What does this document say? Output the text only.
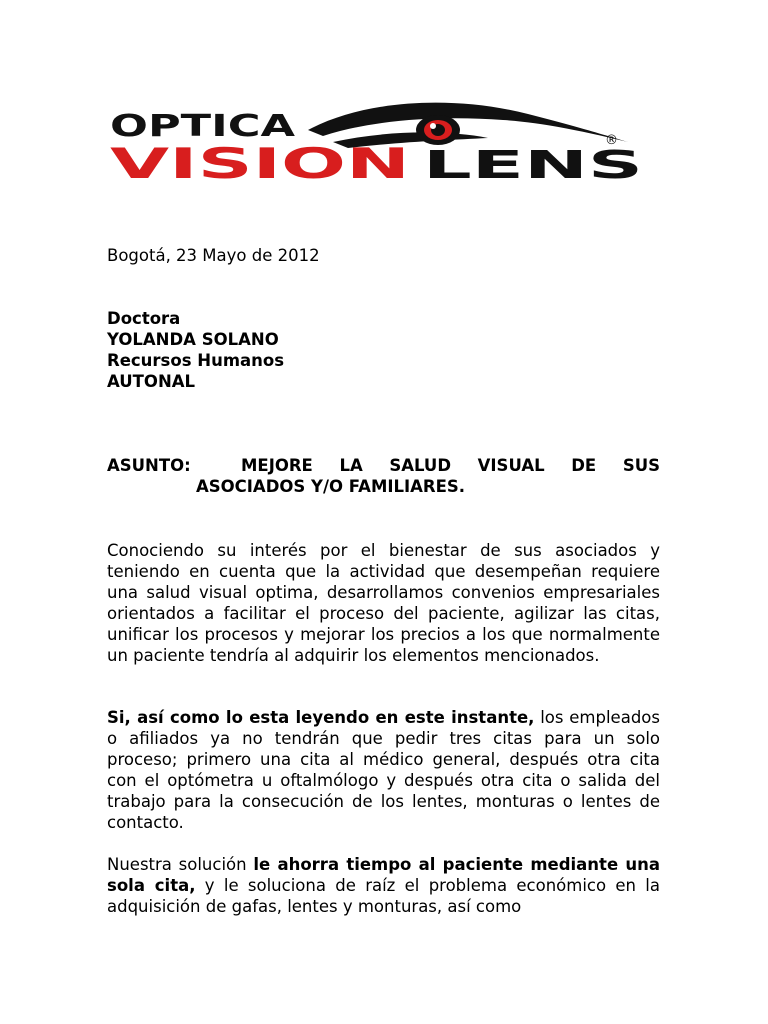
OPTICA
VISION LENS
®
Bogotá, 23 Mayo de 2012
Doctora
YOLANDA SOLANO
Recursos Humanos
AUTONAL
ASUNTO:	MEJORE LA SALUD VISUAL DE SUS
ASOCIADOS Y/O FAMILIARES.
Conociendo su interés por el bienestar de sus asociados y teniendo en cuenta que la actividad que desempeñan requiere una salud visual optima, desarrollamos convenios empresariales orientados a facilitar el proceso del paciente, agilizar las citas, unificar los procesos y mejorar los precios a los que normalmente un paciente tendría al adquirir los elementos mencionados.
Si, así como lo esta leyendo en este instante, los empleados o afiliados ya no tendrán que pedir tres citas para un solo proceso; primero una cita al médico general, después otra cita con el optómetra u oftalmólogo y después otra cita o salida del trabajo para la consecución de los lentes, monturas o lentes de contacto.
Nuestra solución le ahorra tiempo al paciente mediante una sola cita, y le soluciona de raíz el problema económico en la adquisición de gafas, lentes y monturas, así como
